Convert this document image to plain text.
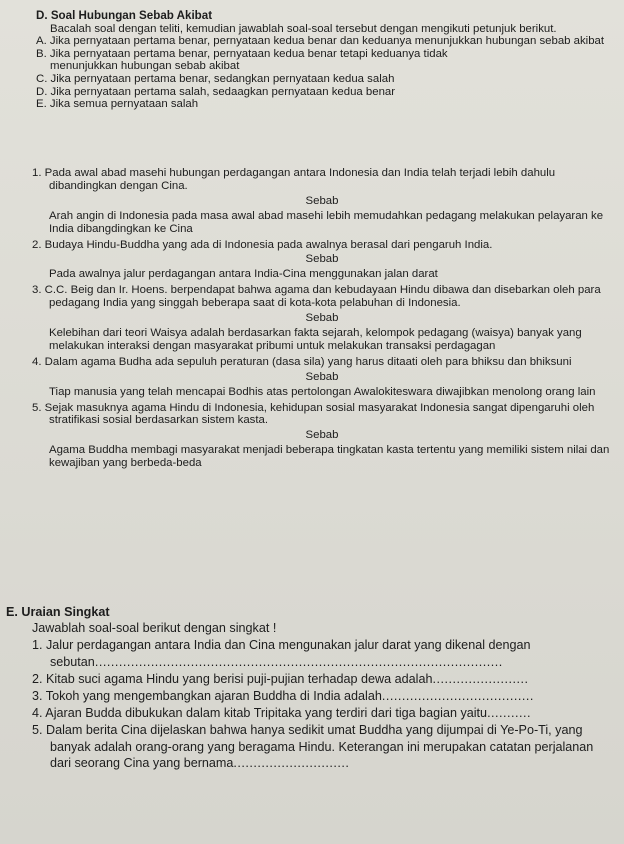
D. Soal Hubungan Sebab Akibat
Bacalah soal dengan teliti, kemudian jawablah soal-soal tersebut dengan mengikuti petunjuk berikut.
A. Jika pernyataan pertama benar, pernyataan kedua benar dan keduanya menunjukkan hubungan sebab akibat
B. Jika pernyataan pertama benar, pernyataan kedua benar tetapi keduanya tidak
menunjukkan hubungan sebab akibat
C. Jika pernyataan pertama benar, sedangkan pernyataan kedua salah
D. Jika pernyataan pertama salah, sedaagkan pernyataan kedua benar
E. Jika semua pernyataan salah
1. Pada awal abad masehi hubungan perdagangan antara Indonesia dan India telah terjadi lebih dahulu dibandingkan dengan Cina.
Sebab
Arah angin di Indonesia pada masa awal abad masehi lebih memudahkan pedagang melakukan pelayaran ke India dibangdingkan ke Cina
2. Budaya Hindu-Buddha yang ada di Indonesia pada awalnya berasal dari pengaruh India.
Sebab
Pada awalnya jalur perdagangan antara India-Cina menggunakan jalan darat
3. C.C. Beig dan Ir. Hoens. berpendapat bahwa agama dan kebudayaan Hindu dibawa dan disebarkan oleh para pedagang India yang singgah beberapa saat di kota-kota pelabuhan di Indonesia.
Sebab
Kelebihan dari teori Waisya adalah berdasarkan fakta sejarah, kelompok pedagang (waisya) banyak yang melakukan interaksi dengan masyarakat pribumi untuk melakukan transaksi perdagagan
4. Dalam agama Budha ada sepuluh peraturan (dasa sila) yang harus ditaati oleh para bhiksu dan bhiksuni
Sebab
Tiap manusia yang telah mencapai Bodhis atas pertolongan Awalokiteswara diwajibkan menolong orang lain
5. Sejak masuknya agama Hindu di Indonesia, kehidupan sosial masyarakat Indonesia sangat dipengaruhi oleh stratifikasi sosial berdasarkan sistem kasta.
Sebab
Agama Buddha membagi masyarakat menjadi beberapa tingkatan kasta tertentu yang memiliki sistem nilai dan kewajiban yang berbeda-beda
E. Uraian Singkat
Jawablah soal-soal berikut dengan singkat !
1. Jalur perdagangan antara India dan Cina mengunakan jalur darat yang dikenal dengan sebutan......................................................................................................
2. Kitab suci agama Hindu yang berisi puji-pujian terhadap dewa adalah........................
3. Tokoh yang mengembangkan ajaran Buddha di India adalah......................................
4. Ajaran Budda dibukukan dalam kitab Tripitaka yang terdiri dari tiga bagian yaitu...........
5. Dalam berita Cina dijelaskan bahwa hanya sedikit umat Buddha yang dijumpai di Ye-Po-Ti, yang banyak adalah orang-orang yang beragama Hindu. Keterangan ini merupakan catatan perjalanan dari seorang Cina yang bernama.............................
